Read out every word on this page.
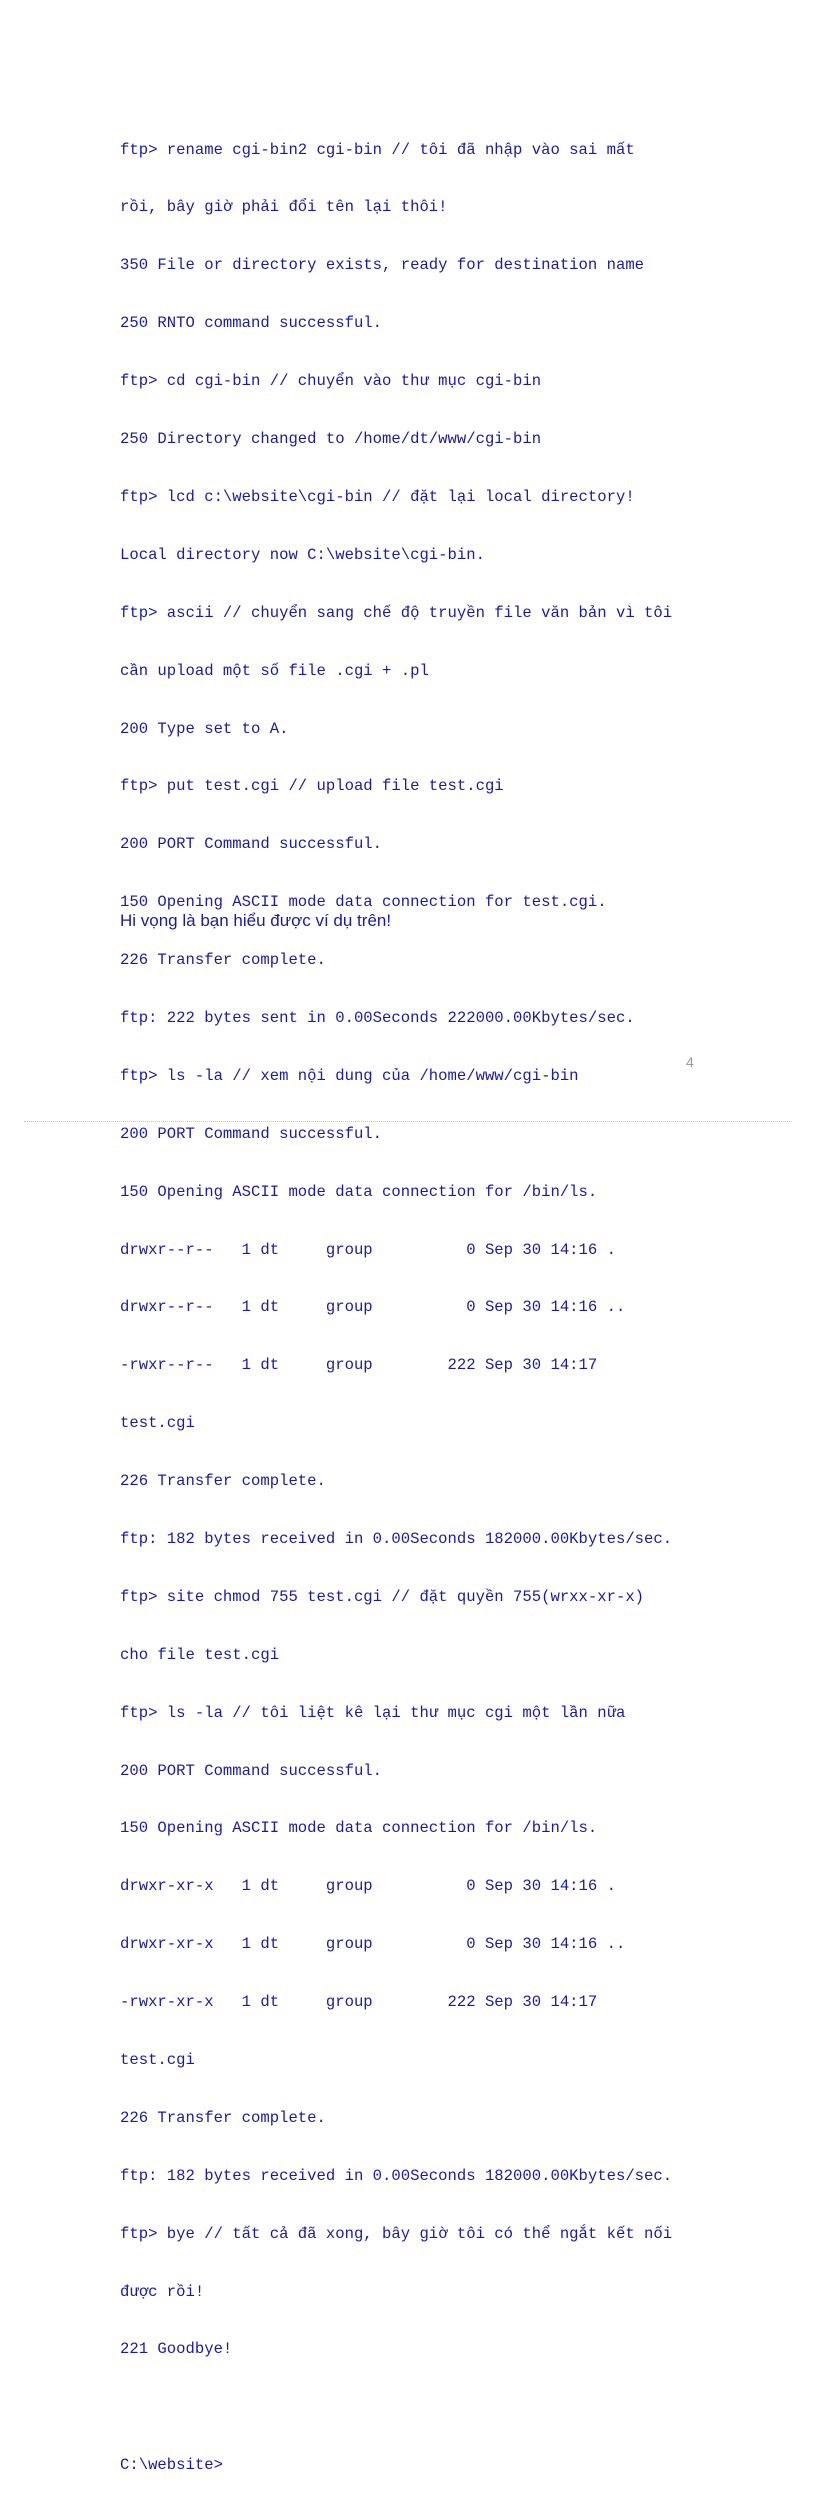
ftp> rename cgi-bin2 cgi-bin // tôi đã nhập vào sai mất

rồi, bây giờ phải đổi tên lại thôi!

350 File or directory exists, ready for destination name

250 RNTO command successful.

ftp> cd cgi-bin // chuyển vào thư mục cgi-bin

250 Directory changed to /home/dt/www/cgi-bin

ftp> lcd c:\website\cgi-bin // đặt lại local directory!

Local directory now C:\website\cgi-bin.

ftp> ascii // chuyển sang chế độ truyền file văn bản vì tôi

cần upload một số file .cgi + .pl

200 Type set to A.

ftp> put test.cgi // upload file test.cgi

200 PORT Command successful.

150 Opening ASCII mode data connection for test.cgi.

226 Transfer complete.

ftp: 222 bytes sent in 0.00Seconds 222000.00Kbytes/sec.

ftp> ls -la // xem nội dung của /home/www/cgi-bin

200 PORT Command successful.

150 Opening ASCII mode data connection for /bin/ls.

drwxr--r--   1 dt     group          0 Sep 30 14:16 .

drwxr--r--   1 dt     group          0 Sep 30 14:16 ..

-rwxr--r--   1 dt     group        222 Sep 30 14:17

test.cgi

226 Transfer complete.

ftp: 182 bytes received in 0.00Seconds 182000.00Kbytes/sec.

ftp> site chmod 755 test.cgi // đặt quyền 755(wrxx-xr-x)

cho file test.cgi

ftp> ls -la // tôi liệt kê lại thư mục cgi một lần nữa

200 PORT Command successful.

150 Opening ASCII mode data connection for /bin/ls.

drwxr-xr-x   1 dt     group          0 Sep 30 14:16 .

drwxr-xr-x   1 dt     group          0 Sep 30 14:16 ..

-rwxr-xr-x   1 dt     group        222 Sep 30 14:17

test.cgi

226 Transfer complete.

ftp: 182 bytes received in 0.00Seconds 182000.00Kbytes/sec.

ftp> bye // tất cả đã xong, bây giờ tôi có thể ngắt kết nối

được rồi!

221 Goodbye!

C:\website>

Hi vọng là bạn hiểu được ví dụ trên!

4
